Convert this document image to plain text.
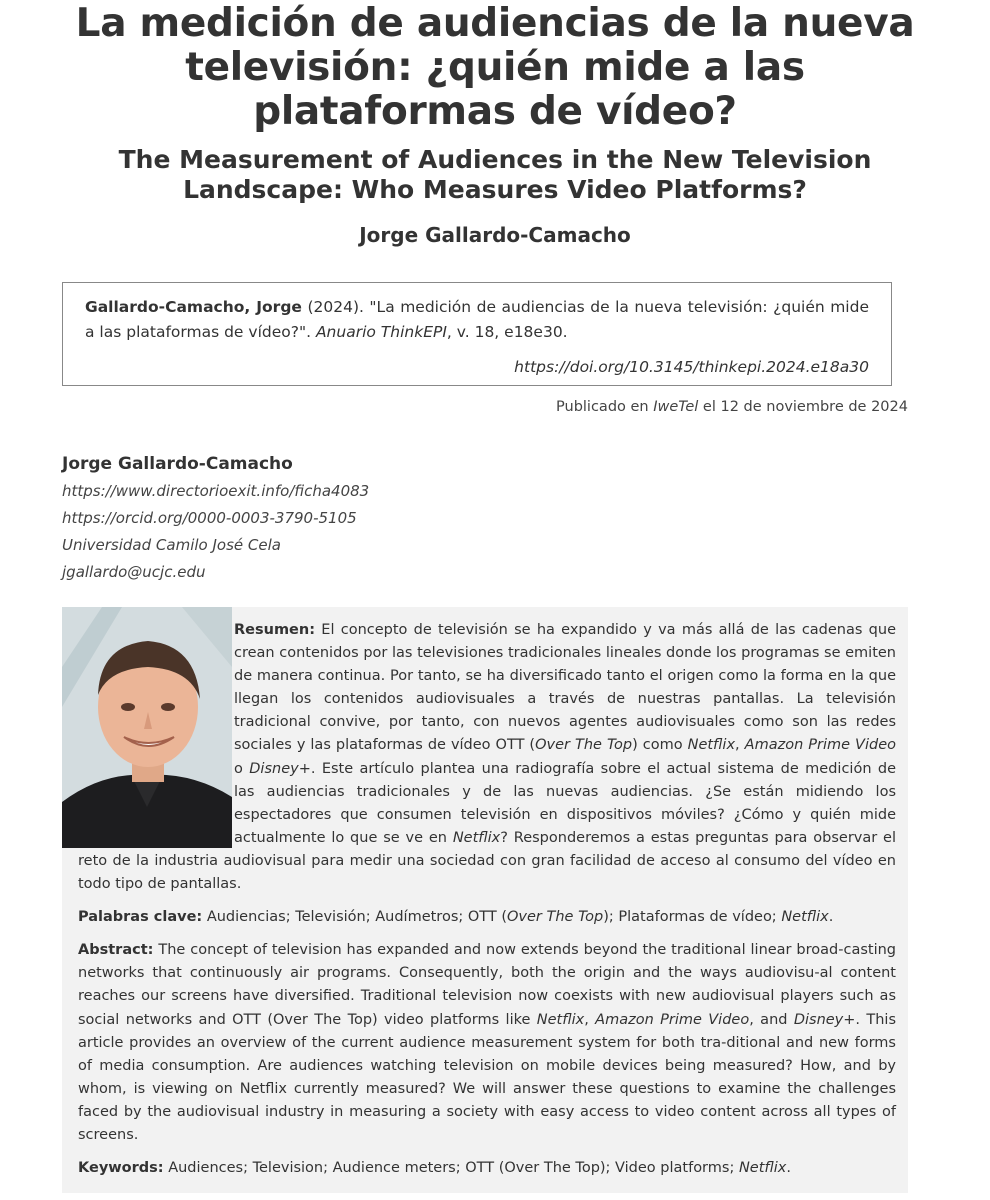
La medición de audiencias de la nueva televisión: ¿quién mide a las plataformas de vídeo?
The Measurement of Audiences in the New Television Landscape: Who Measures Video Platforms?
Jorge Gallardo-Camacho
Gallardo-Camacho, Jorge (2024). "La medición de audiencias de la nueva televisión: ¿quién mide a las plataformas de vídeo?". Anuario ThinkEPI, v. 18, e18e30.
https://doi.org/10.3145/thinkepi.2024.e18a30
Publicado en IweTel el 12 de noviembre de 2024
Jorge Gallardo-Camacho
https://www.directorioexit.info/ficha4083
https://orcid.org/0000-0003-3790-5105
Universidad Camilo José Cela
jgallardo@ucjc.edu

Resumen: El concepto de televisión se ha expandido y va más allá de las cadenas que crean contenidos por las televisiones tradicionales lineales donde los programas se emiten de manera continua. Por tanto, se ha diversificado tanto el origen como la forma en la que llegan los contenidos audiovisuales a través de nuestras pantallas. La televisión tradicional convive, por tanto, con nuevos agentes audiovisuales como son las redes sociales y las plataformas de vídeo OTT (Over The Top) como Netflix, Amazon Prime Video o Disney+. Este artículo plantea una radiografía sobre el actual sistema de medición de las audiencias tradicionales y de las nuevas audiencias. ¿Se están midiendo los espectadores que consumen televisión en dispositivos móviles? ¿Cómo y quién mide actualmente lo que se ve en Netflix? Responderemos a estas preguntas para observar el reto de la industria audiovisual para medir una sociedad con gran facilidad de acceso al consumo del vídeo en todo tipo de pantallas.

Palabras clave: Audiencias; Televisión; Audímetros; OTT (Over The Top); Plataformas de vídeo; Netflix.

Abstract: The concept of television has expanded and now extends beyond the traditional linear broad-casting networks that continuously air programs. Consequently, both the origin and the ways audiovisu-al content reaches our screens have diversified. Traditional television now coexists with new audiovisual players such as social networks and OTT (Over The Top) video platforms like Netflix, Amazon Prime Video, and Disney+. This article provides an overview of the current audience measurement system for both tra-ditional and new forms of media consumption. Are audiences watching television on mobile devices being measured? How, and by whom, is viewing on Netflix currently measured? We will answer these questions to examine the challenges faced by the audiovisual industry in measuring a society with easy access to video content across all types of screens.

Keywords: Audiences; Television; Audience meters; OTT (Over The Top); Video platforms; Netflix.
